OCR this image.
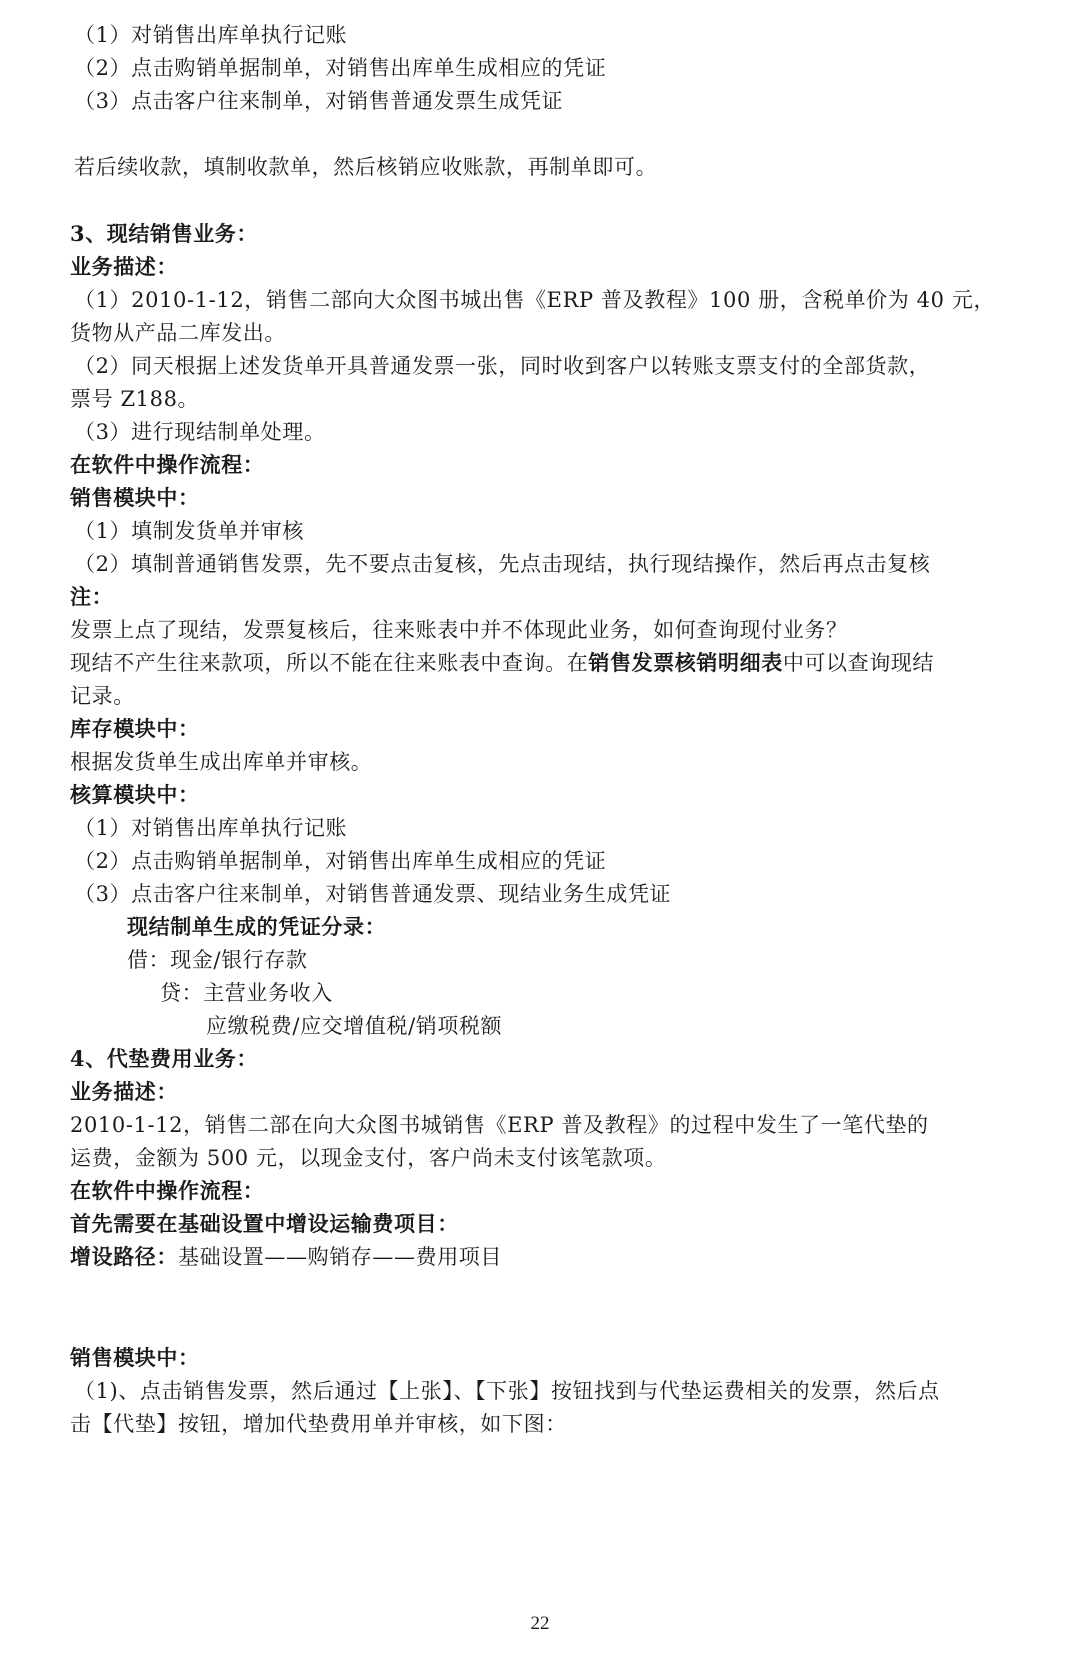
（1）对销售出库单执行记账
（2）点击购销单据制单，对销售出库单生成相应的凭证
（3）点击客户往来制单，对销售普通发票生成凭证
若后续收款，填制收款单，然后核销应收账款，再制单即可。
3、现结销售业务：
业务描述：
（1）2010-1-12，销售二部向大众图书城出售《ERP 普及教程》100 册，含税单价为 40 元，
货物从产品二库发出。
（2）同天根据上述发货单开具普通发票一张，同时收到客户以转账支票支付的全部货款，
票号 Z188。
（3）进行现结制单处理。
在软件中操作流程：
销售模块中：
（1）填制发货单并审核
（2）填制普通销售发票，先不要点击复核，先点击现结，执行现结操作，然后再点击复核
注：
发票上点了现结，发票复核后，往来账表中并不体现此业务，如何查询现付业务？
现结不产生往来款项，所以不能在往来账表中查询。在销售发票核销明细表中可以查询现结
记录。
库存模块中：
根据发货单生成出库单并审核。
核算模块中：
（1）对销售出库单执行记账
（2）点击购销单据制单，对销售出库单生成相应的凭证
（3）点击客户往来制单，对销售普通发票、现结业务生成凭证
现结制单生成的凭证分录：
借：现金/银行存款
贷：主营业务收入
应缴税费/应交增值税/销项税额
4、代垫费用业务：
业务描述：
2010-1-12，销售二部在向大众图书城销售《ERP 普及教程》的过程中发生了一笔代垫的
运费，金额为 500 元，以现金支付，客户尚未支付该笔款项。
在软件中操作流程：
首先需要在基础设置中增设运输费项目：
增设路径：基础设置——购销存——费用项目
销售模块中：
（1)、点击销售发票，然后通过【上张】、【下张】按钮找到与代垫运费相关的发票，然后点
击【代垫】按钮，增加代垫费用单并审核，如下图：
22
